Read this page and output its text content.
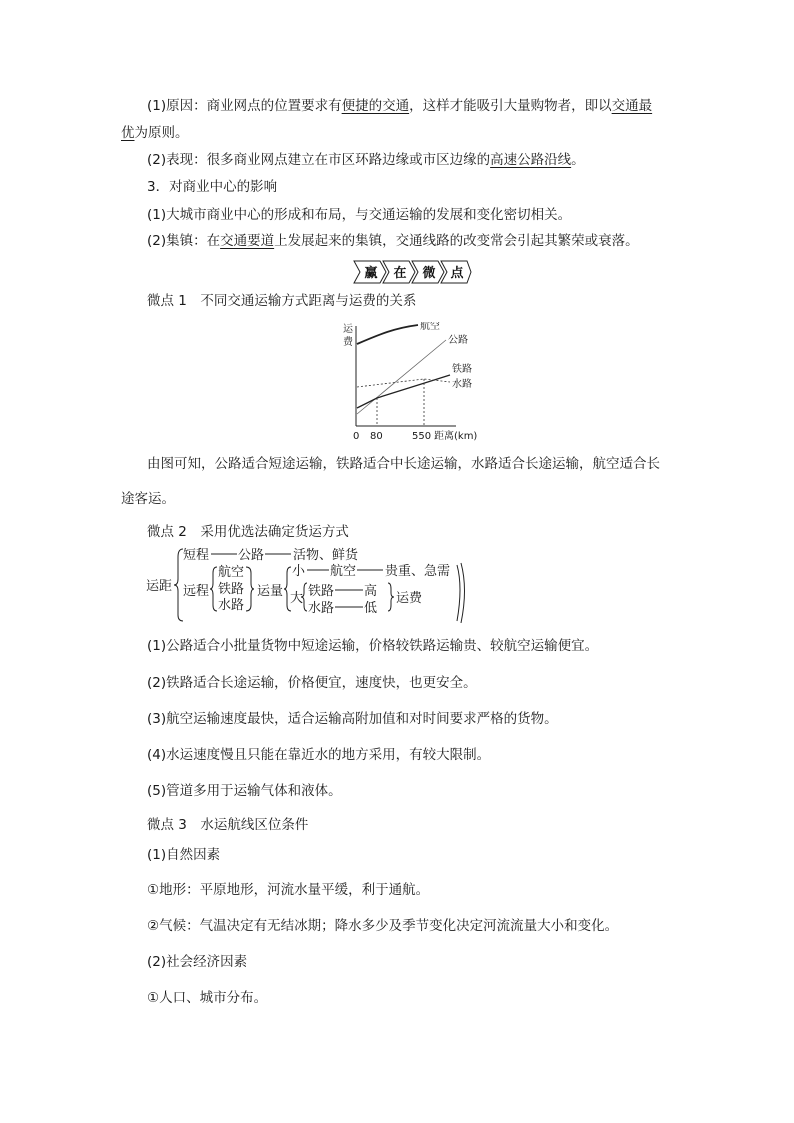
(1)原因：商业网点的位置要求有便捷的交通，这样才能吸引大量购物者，即以交通最
优为原则。
(2)表现：很多商业网点建立在市区环路边缘或市区边缘的高速公路沿线。
3．对商业中心的影响
(1)大城市商业中心的形成和布局，与交通运输的发展和变化密切相关。
(2)集镇：在交通要道上发展起来的集镇，交通线路的改变常会引起其繁荣或衰落。
赢 在 微 点
微点 1　不同交通运输方式距离与运费的关系
运
费
航空
公路
铁路
水路
0 80	550 距离(km)
由图可知，公路适合短途运输，铁路适合中长途运输，水路适合长途运输，航空适合长
途客运。
微点 2　采用优选法确定货运方式
运距
短程 公路 活物、鲜货
远程
航空
铁路
水路
运量
小 航空 贵重、急需
大 铁路 高
水路 低
运费
(1)公路适合小批量货物中短途运输，价格较铁路运输贵、较航空运输便宜。
(2)铁路适合长途运输，价格便宜，速度快，也更安全。
(3)航空运输速度最快，适合运输高附加值和对时间要求严格的货物。
(4)水运速度慢且只能在靠近水的地方采用，有较大限制。
(5)管道多用于运输气体和液体。
微点 3　水运航线区位条件
(1)自然因素
①地形：平原地形，河流水量平缓，利于通航。
②气候：气温决定有无结冰期；降水多少及季节变化决定河流流量大小和变化。
(2)社会经济因素
①人口、城市分布。
